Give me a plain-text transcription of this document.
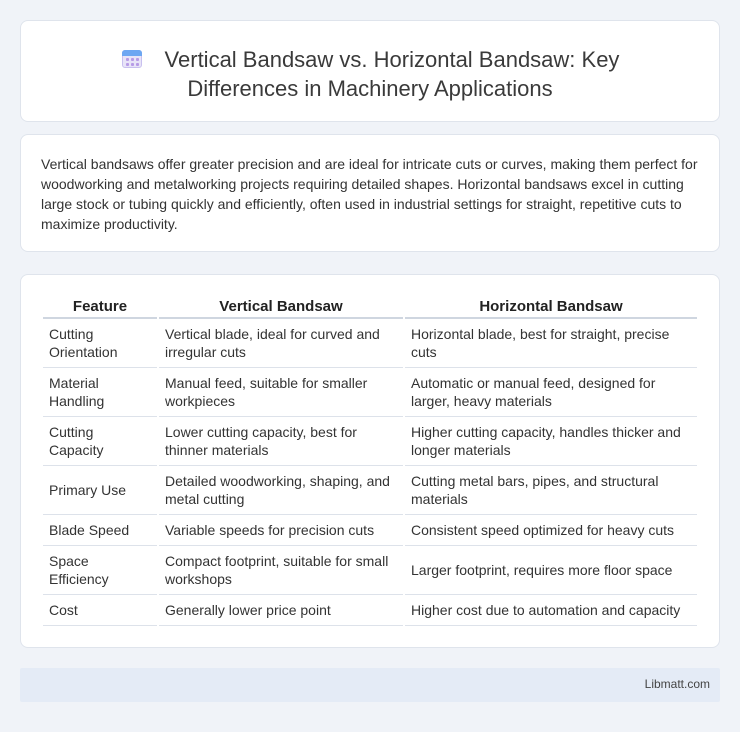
Vertical Bandsaw vs. Horizontal Bandsaw: Key
Differences in Machinery Applications

Vertical bandsaws offer greater precision and are ideal for intricate cuts or curves, making them perfect for woodworking and metalworking projects requiring detailed shapes. Horizontal bandsaws excel in cutting large stock or tubing quickly and efficiently, often used in industrial settings for straight, repetitive cuts to maximize productivity.

Feature	Vertical Bandsaw	Horizontal Bandsaw
Cutting Orientation	Vertical blade, ideal for curved and irregular cuts	Horizontal blade, best for straight, precise cuts
Material Handling	Manual feed, suitable for smaller workpieces	Automatic or manual feed, designed for larger, heavy materials
Cutting Capacity	Lower cutting capacity, best for thinner materials	Higher cutting capacity, handles thicker and longer materials
Primary Use	Detailed woodworking, shaping, and metal cutting	Cutting metal bars, pipes, and structural materials
Blade Speed	Variable speeds for precision cuts	Consistent speed optimized for heavy cuts
Space Efficiency	Compact footprint, suitable for small workshops	Larger footprint, requires more floor space
Cost	Generally lower price point	Higher cost due to automation and capacity
Libmatt.com
